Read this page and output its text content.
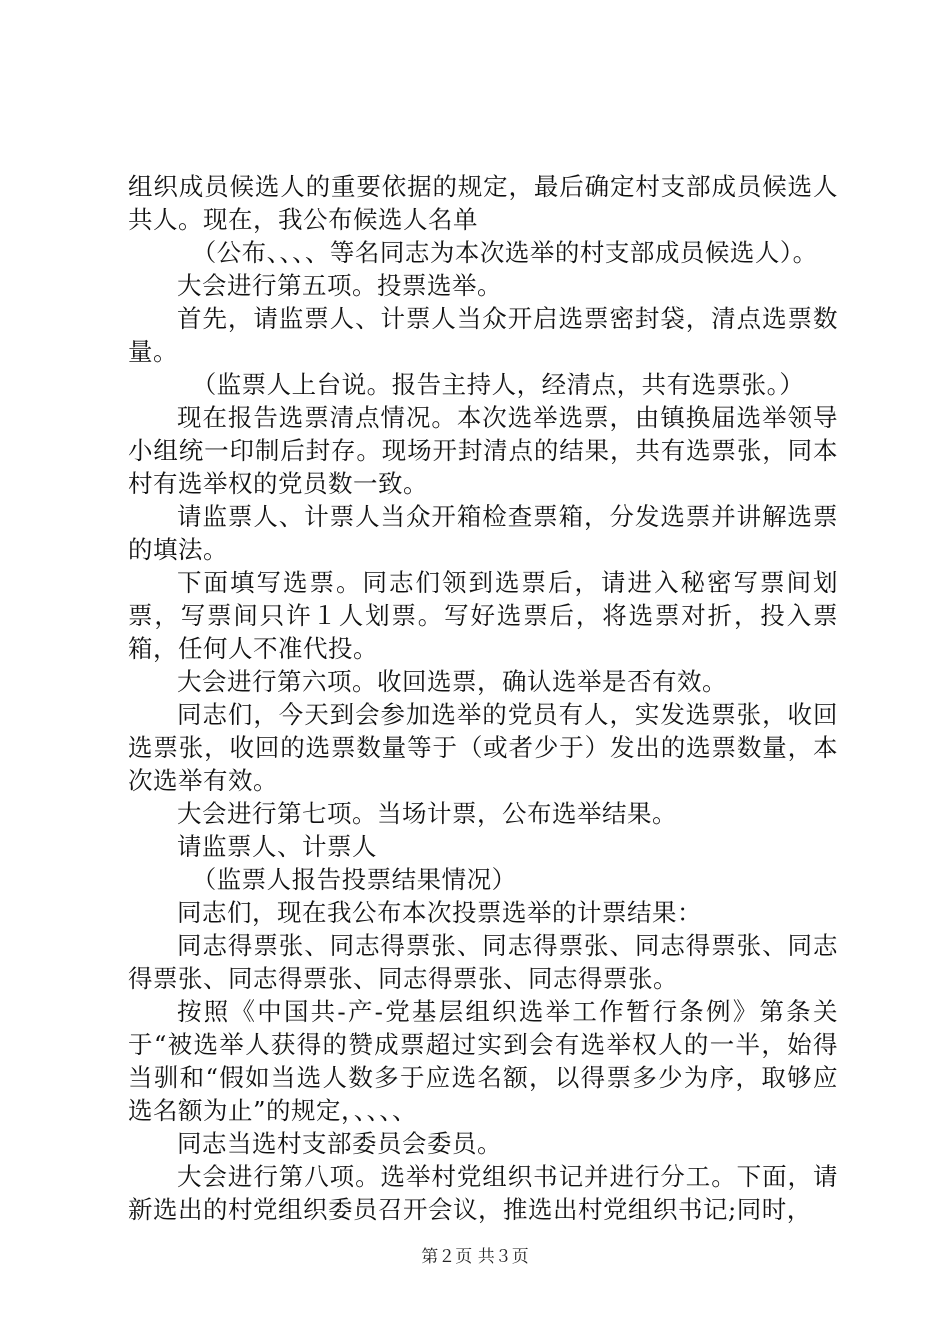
组织成员候选人的重要依据的规定，最后确定村支部成员候选人共人。现在，我公布候选人名单

（公布、、、、等名同志为本次选举的村支部成员候选人）。

大会进行第五项。投票选举。

首先，请监票人、计票人当众开启选票密封袋，清点选票数量。

（监票人上台说。报告主持人，经清点，共有选票张。）

现在报告选票清点情况。本次选举选票，由镇换届选举领导小组统一印制后封存。现场开封清点的结果，共有选票张，同本村有选举权的党员数一致。

请监票人、计票人当众开箱检查票箱，分发选票并讲解选票的填法。

下面填写选票。同志们领到选票后，请进入秘密写票间划票，写票间只许１人划票。写好选票后，将选票对折，投入票箱，任何人不准代投。

大会进行第六项。收回选票，确认选举是否有效。

同志们，今天到会参加选举的党员有人，实发选票张，收回选票张，收回的选票数量等于（或者少于）发出的选票数量，本次选举有效。

大会进行第七项。当场计票，公布选举结果。

请监票人、计票人

（监票人报告投票结果情况）

同志们，现在我公布本次投票选举的计票结果：

同志得票张、同志得票张、同志得票张、同志得票张、同志得票张、同志得票张、同志得票张、同志得票张。

按照《中国共-产-党基层组织选举工作暂行条例》第条关于“被选举人获得的赞成票超过实到会有选举权人的一半，始得当驯和“假如当选人数多于应选名额，以得票多少为序，取够应选名额为止”的规定，、、、、

同志当选村支部委员会委员。

大会进行第八项。选举村党组织书记并进行分工。下面，请新选出的村党组织委员召开会议，推选出村党组织书记;同时，

第２页 共３页
